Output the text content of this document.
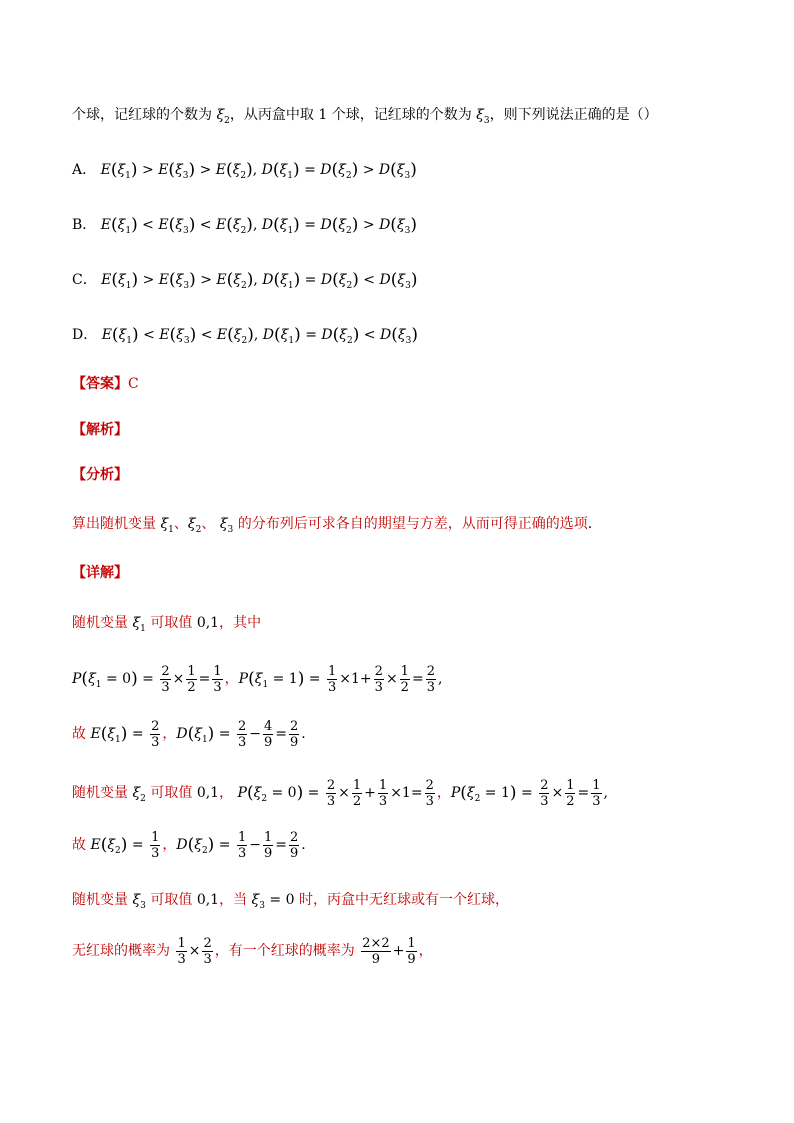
个球，记红球的个数为 $\xi_2$，从丙盒中取 1 个球，记红球的个数为 $\xi_3$，则下列说法正确的是（）
A． $E(\xi_1) > E(\xi_3) > E(\xi_2)$, $D(\xi_1) = D(\xi_2) > D(\xi_3)$
B． $E(\xi_1) < E(\xi_3) < E(\xi_2)$, $D(\xi_1) = D(\xi_2) > D(\xi_3)$
C． $E(\xi_1) > E(\xi_3) > E(\xi_2)$, $D(\xi_1) = D(\xi_2) < D(\xi_3)$
D． $E(\xi_1) < E(\xi_3) < E(\xi_2)$, $D(\xi_1) = D(\xi_2) < D(\xi_3)$
【答案】C
【解析】
【分析】
算出随机变量 $\xi_1$、$\xi_2$、 $\xi_3$ 的分布列后可求各自的期望与方差，从而可得正确的选项.
【详解】
随机变量 $\xi_1$ 可取值 0,1，其中
$P(\xi_1 = 0) = \frac{2}{3} \times \frac{1}{2} = \frac{1}{3}$ ，$P(\xi_1 = 1) = \frac{1}{3} \times 1+ \frac{2}{3} \times \frac{1}{2} = \frac{2}{3}$ ,
故 $E(\xi_1) = \frac{2}{3}$ ，$D(\xi_1) = \frac{2}{3} - \frac{4}{9} = \frac{2}{9}$ .
随机变量 $\xi_2$ 可取值 0,1， $P(\xi_2 = 0) = \frac{2}{3} \times \frac{1}{2} + \frac{1}{3} \times 1= \frac{2}{3}$ ，$P(\xi_2 = 1) = \frac{2}{3} \times \frac{1}{2} = \frac{1}{3}$ ,
故 $E(\xi_2) = \frac{1}{3}$ ，$D(\xi_2) = \frac{1}{3} - \frac{1}{9} = \frac{2}{9}$ .
随机变量 $\xi_3$ 可取值 0,1，当 $\xi_3 = 0$ 时，丙盒中无红球或有一个红球，
无红球的概率为 $\frac{1}{3} \times \frac{2}{3}$ ，有一个红球的概率为 $\frac{2\times 2}{9} + \frac{1}{9}$ ，
